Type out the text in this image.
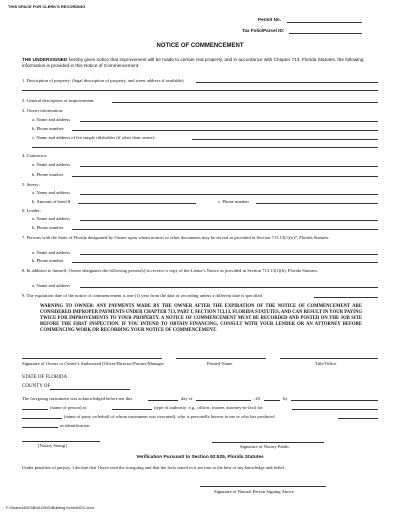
THIS SPACE FOR CLERK'S RECORDING
Permit No.
Tax Folio/Parcel ID:
NOTICE OF COMMENCEMENT
THE UNDERSIGNED hereby gives notice that improvement will be made to certain real property, and in accordance with Chapter 713, Florida Statutes, the following information is provided in this Notice of Commencement:
1. Description of property: (legal description of property, and street address if available)
2. General description of improvement:
3. Owner information:
a. Name and address
b. Phone number:
c. Name and address of fee simple titleholder (if other than owner):
4. Contractor:
a. Name and address
b. Phone number
5. Surety:
a. Name and address
b. Amount of bond $	c. Phone number
6. Lender:
a. Name and address
b. Phone number
7. Persons with the State of Florida designated by Owner upon whom notices or other documents may be served as provided in Section 713.13(1)(a)7, Florida Statutes:
a. Name and address
b. Phone number
8. In addition to himself, Owner designates the following person(s) to receive a copy of the Lienor's Notice as provided in Section 713.13(1)(b), Florida Statutes:
a. Name and address
9. The expiration date of the notice of commencement is one (1) year from the date of recording unless a different date is specified
WARNING TO OWNER: ANY PAYMENTS MADE BY THE OWNER AFTER THE EXPIRATION OF THE NOTICE OF COMMENCEMENT ARE CONSIDERED IMPROPER PAYMENTS UNDER CHAPTER 713, PART I, SECTION 713.13, FLORIDA STATUTES, AND CAN RESULT IN YOUR PAYING TWICE FOR IMPROVEMENTS TO YOUR PROPERTY. A NOTICE OF COMMENCEMENT MUST BE RECORDED AND POSTED ON THE JOB SITE BEFORE THE FIRST INSPECTION. IF YOU INTEND TO OBTAIN FINANCING, CONSULT WITH YOUR LENDER OR AN ATTORNEY BEFORE COMMENCING WORK OR RECORDING YOUR NOTICE OF COMMENCEMENT.
Signature of Owner or Owner's Authorized Officer/Director/Partner/Manager	Printed Name	Title/Office
STATE OF FLORIDA
COUNTY OF
The foregoing instrument was acknowledged before me this	day of	, 20	by
(name of person) as	(type of authority: e.g., officer, trustee, attorney-in-fact) for
(name of party on behalf of whom instrument was executed), who is personally known to me or who has produced
as identification.
[Notary Stamp]	Signature of Notary Public
Verification Pursuant to Section 92.525, Florida Statutes
Under penalties of perjury, I declare that I have read the foregoing and that the facts stated in it are true to the best of my knowledge and belief.
Signature of Natural Person Signing Above
F:\Shared\DDS\BUILDING\Building forms\NOC.docx
